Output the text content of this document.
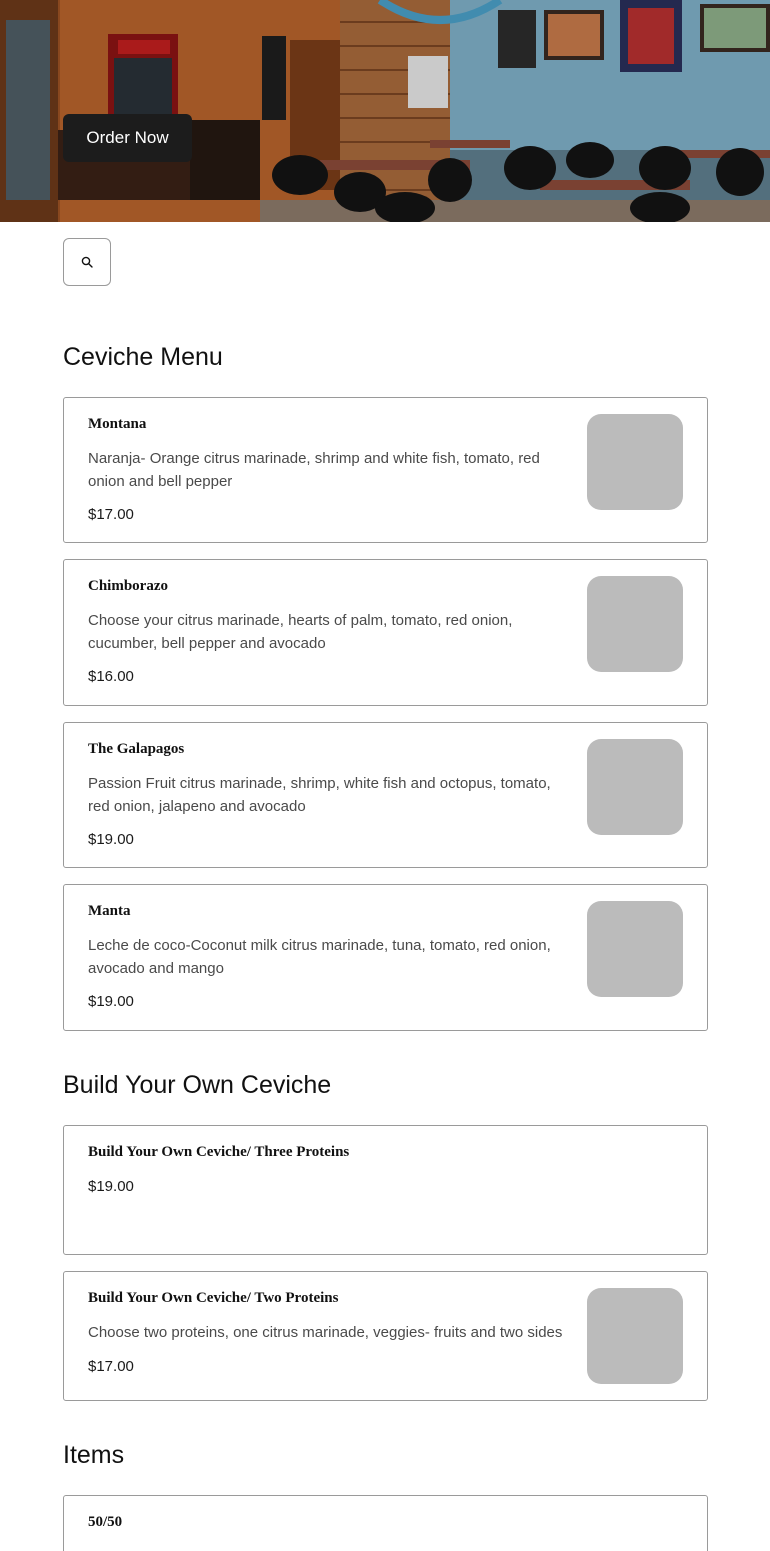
Order Now
Ceviche Menu
Montana
Naranja- Orange citrus marinade, shrimp and white fish, tomato, red onion and bell pepper
$17.00
Chimborazo
Choose your citrus marinade, hearts of palm, tomato, red onion, cucumber, bell pepper and avocado
$16.00
The Galapagos
Passion Fruit citrus marinade, shrimp, white fish and octopus, tomato, red onion, jalapeno and avocado
$19.00
Manta
Leche de coco-Coconut milk citrus marinade, tuna, tomato, red onion, avocado and mango
$19.00
Build Your Own Ceviche
Build Your Own Ceviche/ Three Proteins
$19.00
Build Your Own Ceviche/ Two Proteins
Choose two proteins, one citrus marinade, veggies- fruits and two sides
$17.00
Items
50/50
